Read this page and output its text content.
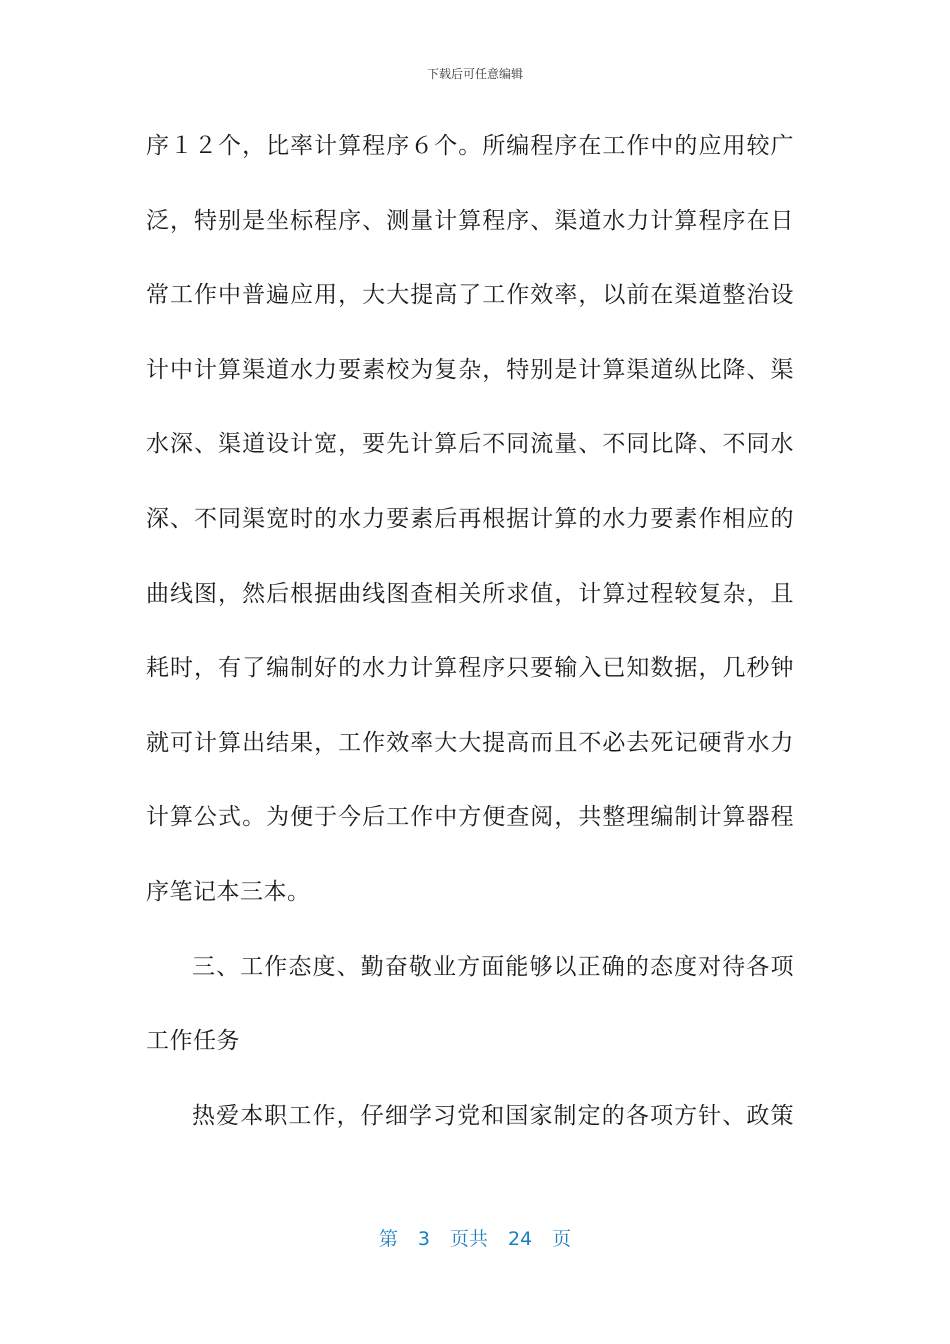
下载后可任意编辑
序１２个，比率计算程序６个。所编程序在工作中的应用较广
泛，特别是坐标程序、测量计算程序、渠道水力计算程序在日
常工作中普遍应用，大大提高了工作效率，以前在渠道整治设
计中计算渠道水力要素校为复杂，特别是计算渠道纵比降、渠
水深、渠道设计宽，要先计算后不同流量、不同比降、不同水
深、不同渠宽时的水力要素后再根据计算的水力要素作相应的
曲线图，然后根据曲线图查相关所求值，计算过程较复杂，且
耗时，有了编制好的水力计算程序只要输入已知数据，几秒钟
就可计算出结果，工作效率大大提高而且不必去死记硬背水力
计算公式。为便于今后工作中方便查阅，共整理编制计算器程
序笔记本三本。
三、工作态度、勤奋敬业方面能够以正确的态度对待各项
工作任务
热爱本职工作，仔细学习党和国家制定的各项方针、政策
第 3 页共 24 页
